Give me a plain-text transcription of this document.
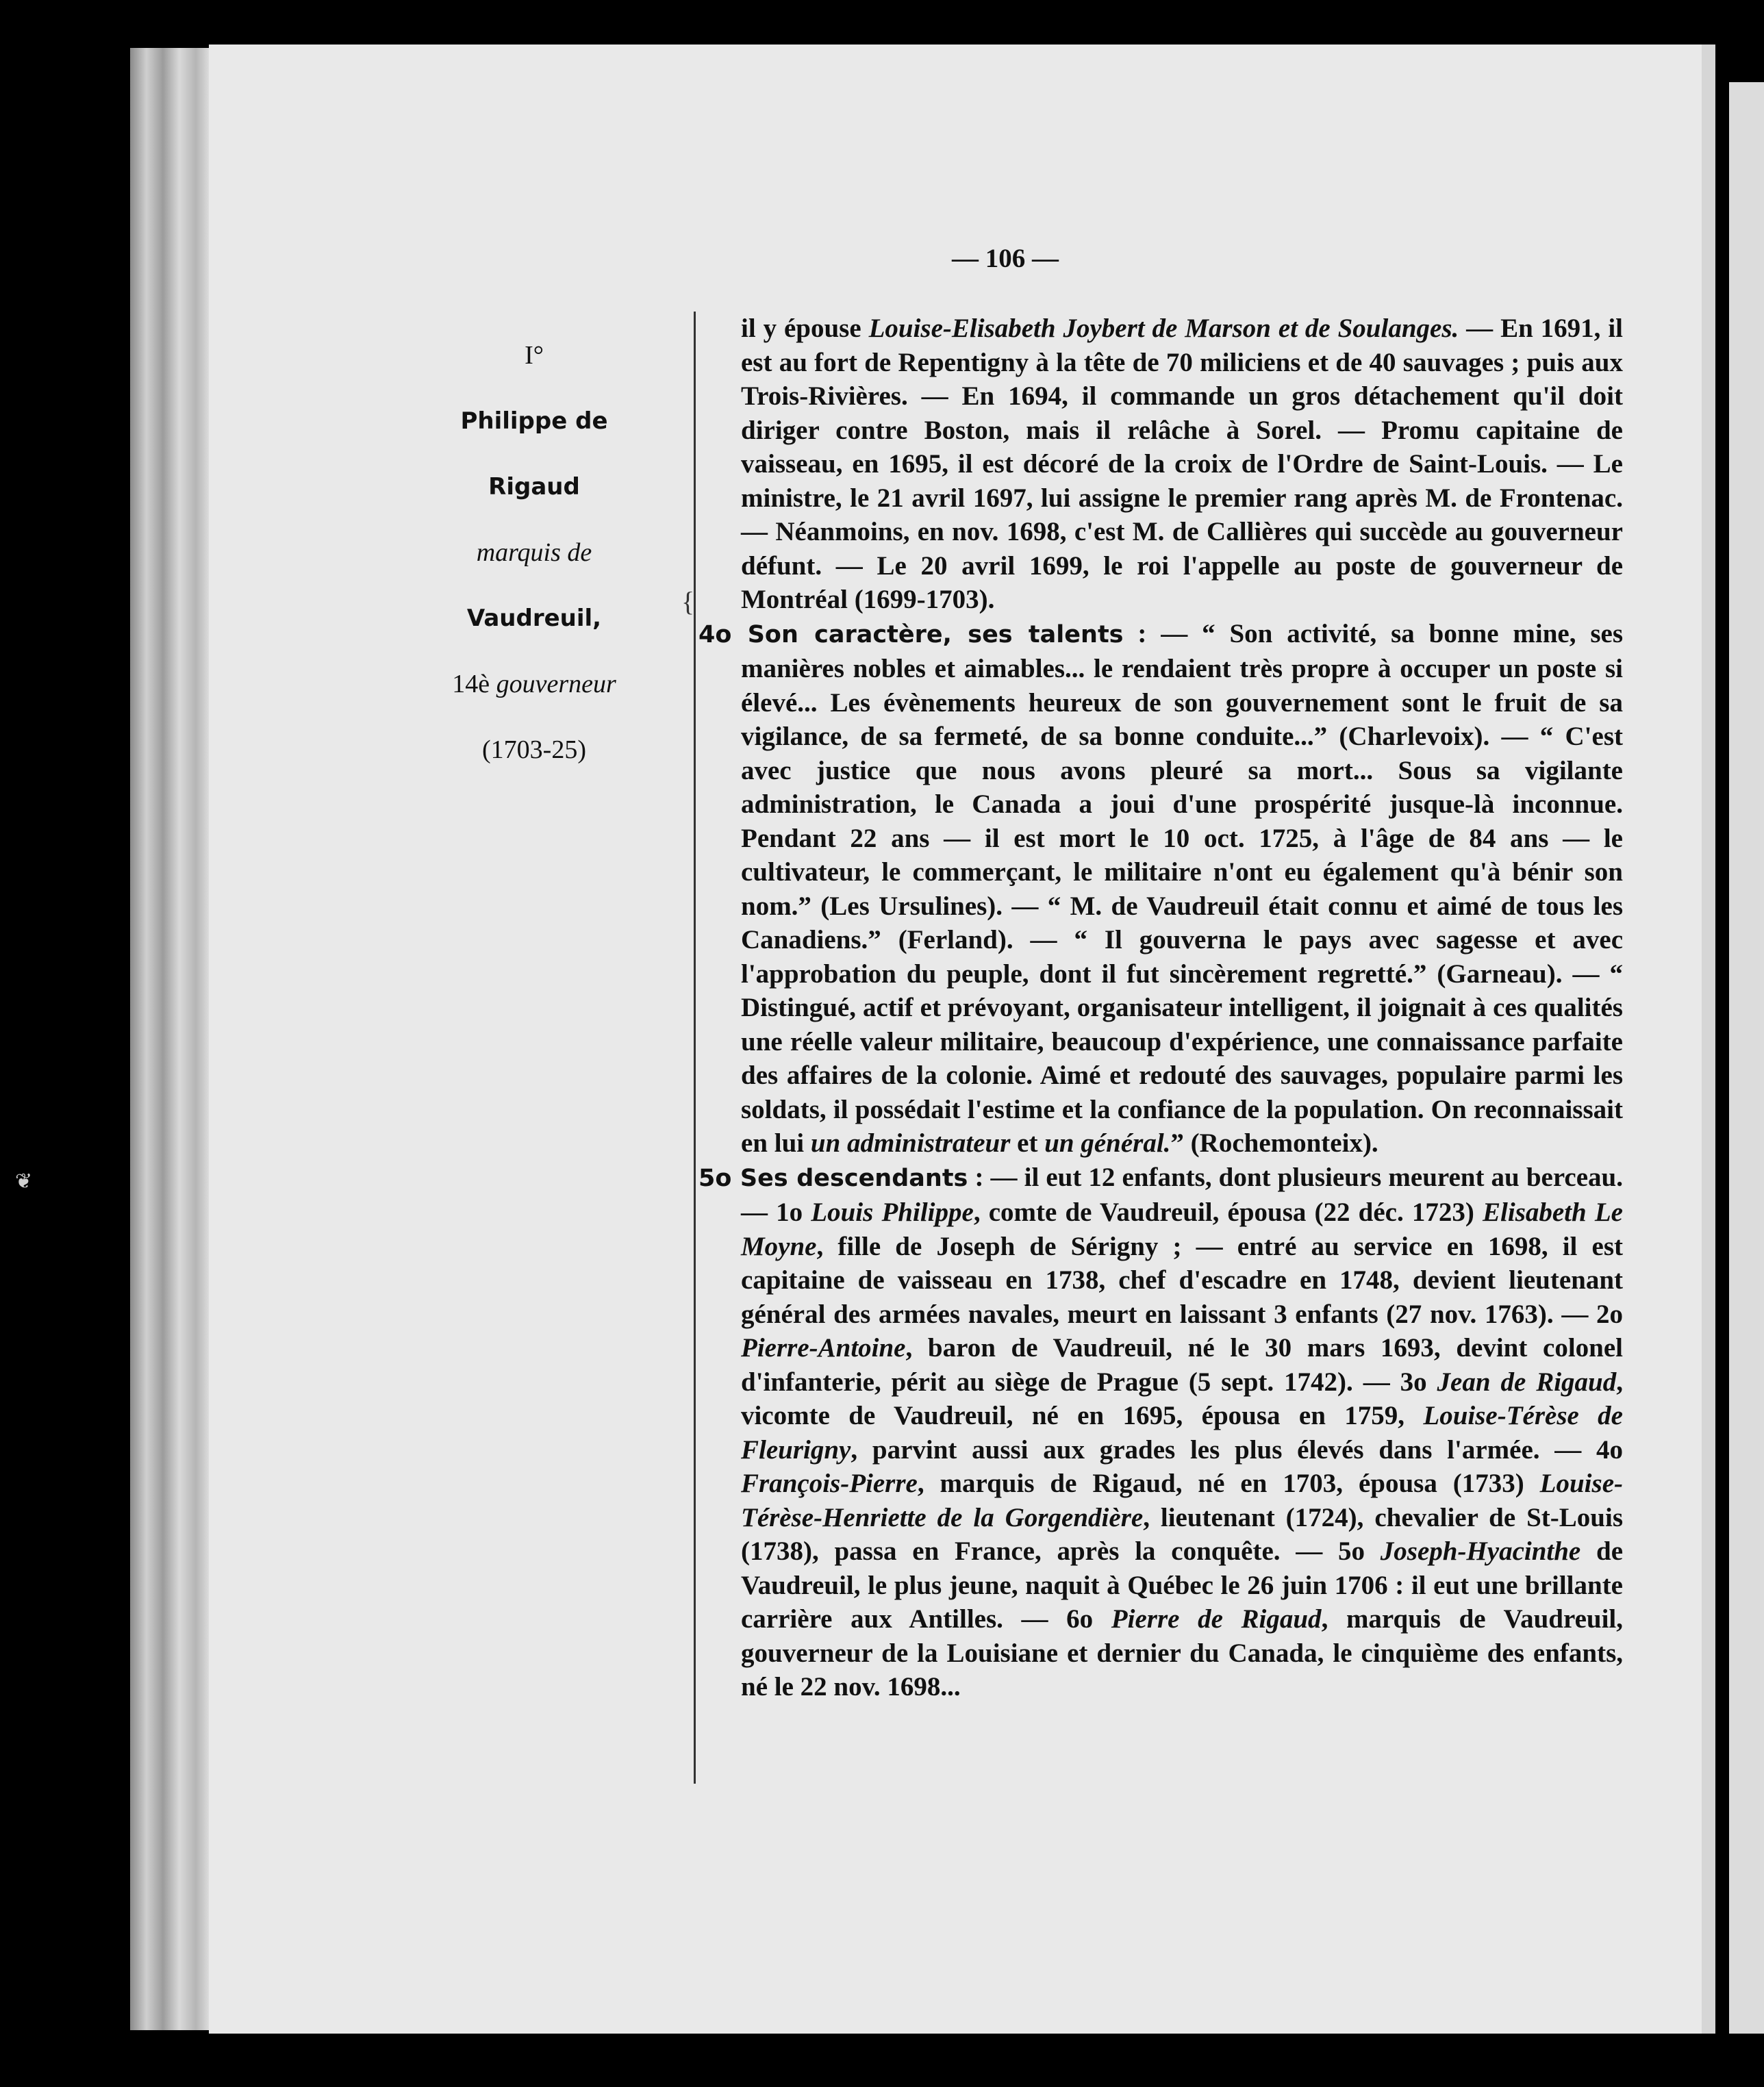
❦
— 106 —
I°
Philippe de
Rigaud
marquis de
Vaudreuil,
14è gouverneur
(1703-25)
{

il y épouse Louise-Elisabeth Joybert de Marson et de Soulanges. — En 1691, il est au fort de Repentigny à la tête de 70 miliciens et de 40 sauvages ; puis aux Trois-Rivières. — En 1694, il commande un gros détachement qu'il doit diriger contre Boston, mais il relâche à Sorel. — Promu capitaine de vaisseau, en 1695, il est décoré de la croix de l'Ordre de Saint-Louis. — Le ministre, le 21 avril 1697, lui assigne le premier rang après M. de Frontenac. — Néanmoins, en nov. 1698, c'est M. de Callières qui succède au gouverneur défunt. — Le 20 avril 1699, le roi l'appelle au poste de gouverneur de Montréal (1699-1703).

4o Son caractère, ses talents : — “ Son activité, sa bonne mine, ses manières nobles et aimables... le rendaient très propre à occuper un poste si élevé... Les évènements heureux de son gouvernement sont le fruit de sa vigilance, de sa fermeté, de sa bonne conduite...” (Charlevoix). — “ C'est avec justice que nous avons pleuré sa mort... Sous sa vigilante administration, le Canada a joui d'une prospérité jusque-là inconnue. Pendant 22 ans — il est mort le 10 oct. 1725, à l'âge de 84 ans — le cultivateur, le commerçant, le militaire n'ont eu également qu'à bénir son nom.” (Les Ursulines). — “ M. de Vaudreuil était connu et aimé de tous les Canadiens.” (Ferland). — “ Il gouverna le pays avec sagesse et avec l'approbation du peuple, dont il fut sincèrement regretté.” (Garneau). — “ Distingué, actif et prévoyant, organisateur intelligent, il joignait à ces qualités une réelle valeur militaire, beaucoup d'expérience, une connaissance parfaite des affaires de la colonie. Aimé et redouté des sauvages, populaire parmi les soldats, il possédait l'estime et la confiance de la population. On reconnaissait en lui un administrateur et un général.” (Rochemonteix).

5o Ses descendants : — il eut 12 enfants, dont plusieurs meurent au berceau. — 1o Louis Philippe, comte de Vaudreuil, épousa (22 déc. 1723) Elisabeth Le Moyne, fille de Joseph de Sérigny ; — entré au service en 1698, il est capitaine de vaisseau en 1738, chef d'escadre en 1748, devient lieutenant général des armées navales, meurt en laissant 3 enfants (27 nov. 1763). — 2o Pierre-Antoine, baron de Vaudreuil, né le 30 mars 1693, devint colonel d'infanterie, périt au siège de Prague (5 sept. 1742). — 3o Jean de Rigaud, vicomte de Vaudreuil, né en 1695, épousa en 1759, Louise-Térèse de Fleurigny, parvint aussi aux grades les plus élevés dans l'armée. — 4o François-Pierre, marquis de Rigaud, né en 1703, épousa (1733) Louise-Térèse-Henriette de la Gorgendière, lieutenant (1724), chevalier de St-Louis (1738), passa en France, après la conquête. — 5o Joseph-Hyacinthe de Vaudreuil, le plus jeune, naquit à Québec le 26 juin 1706 : il eut une brillante carrière aux Antilles. — 6o Pierre de Rigaud, marquis de Vaudreuil, gouverneur de la Louisiane et dernier du Canada, le cinquième des enfants, né le 22 nov. 1698...
